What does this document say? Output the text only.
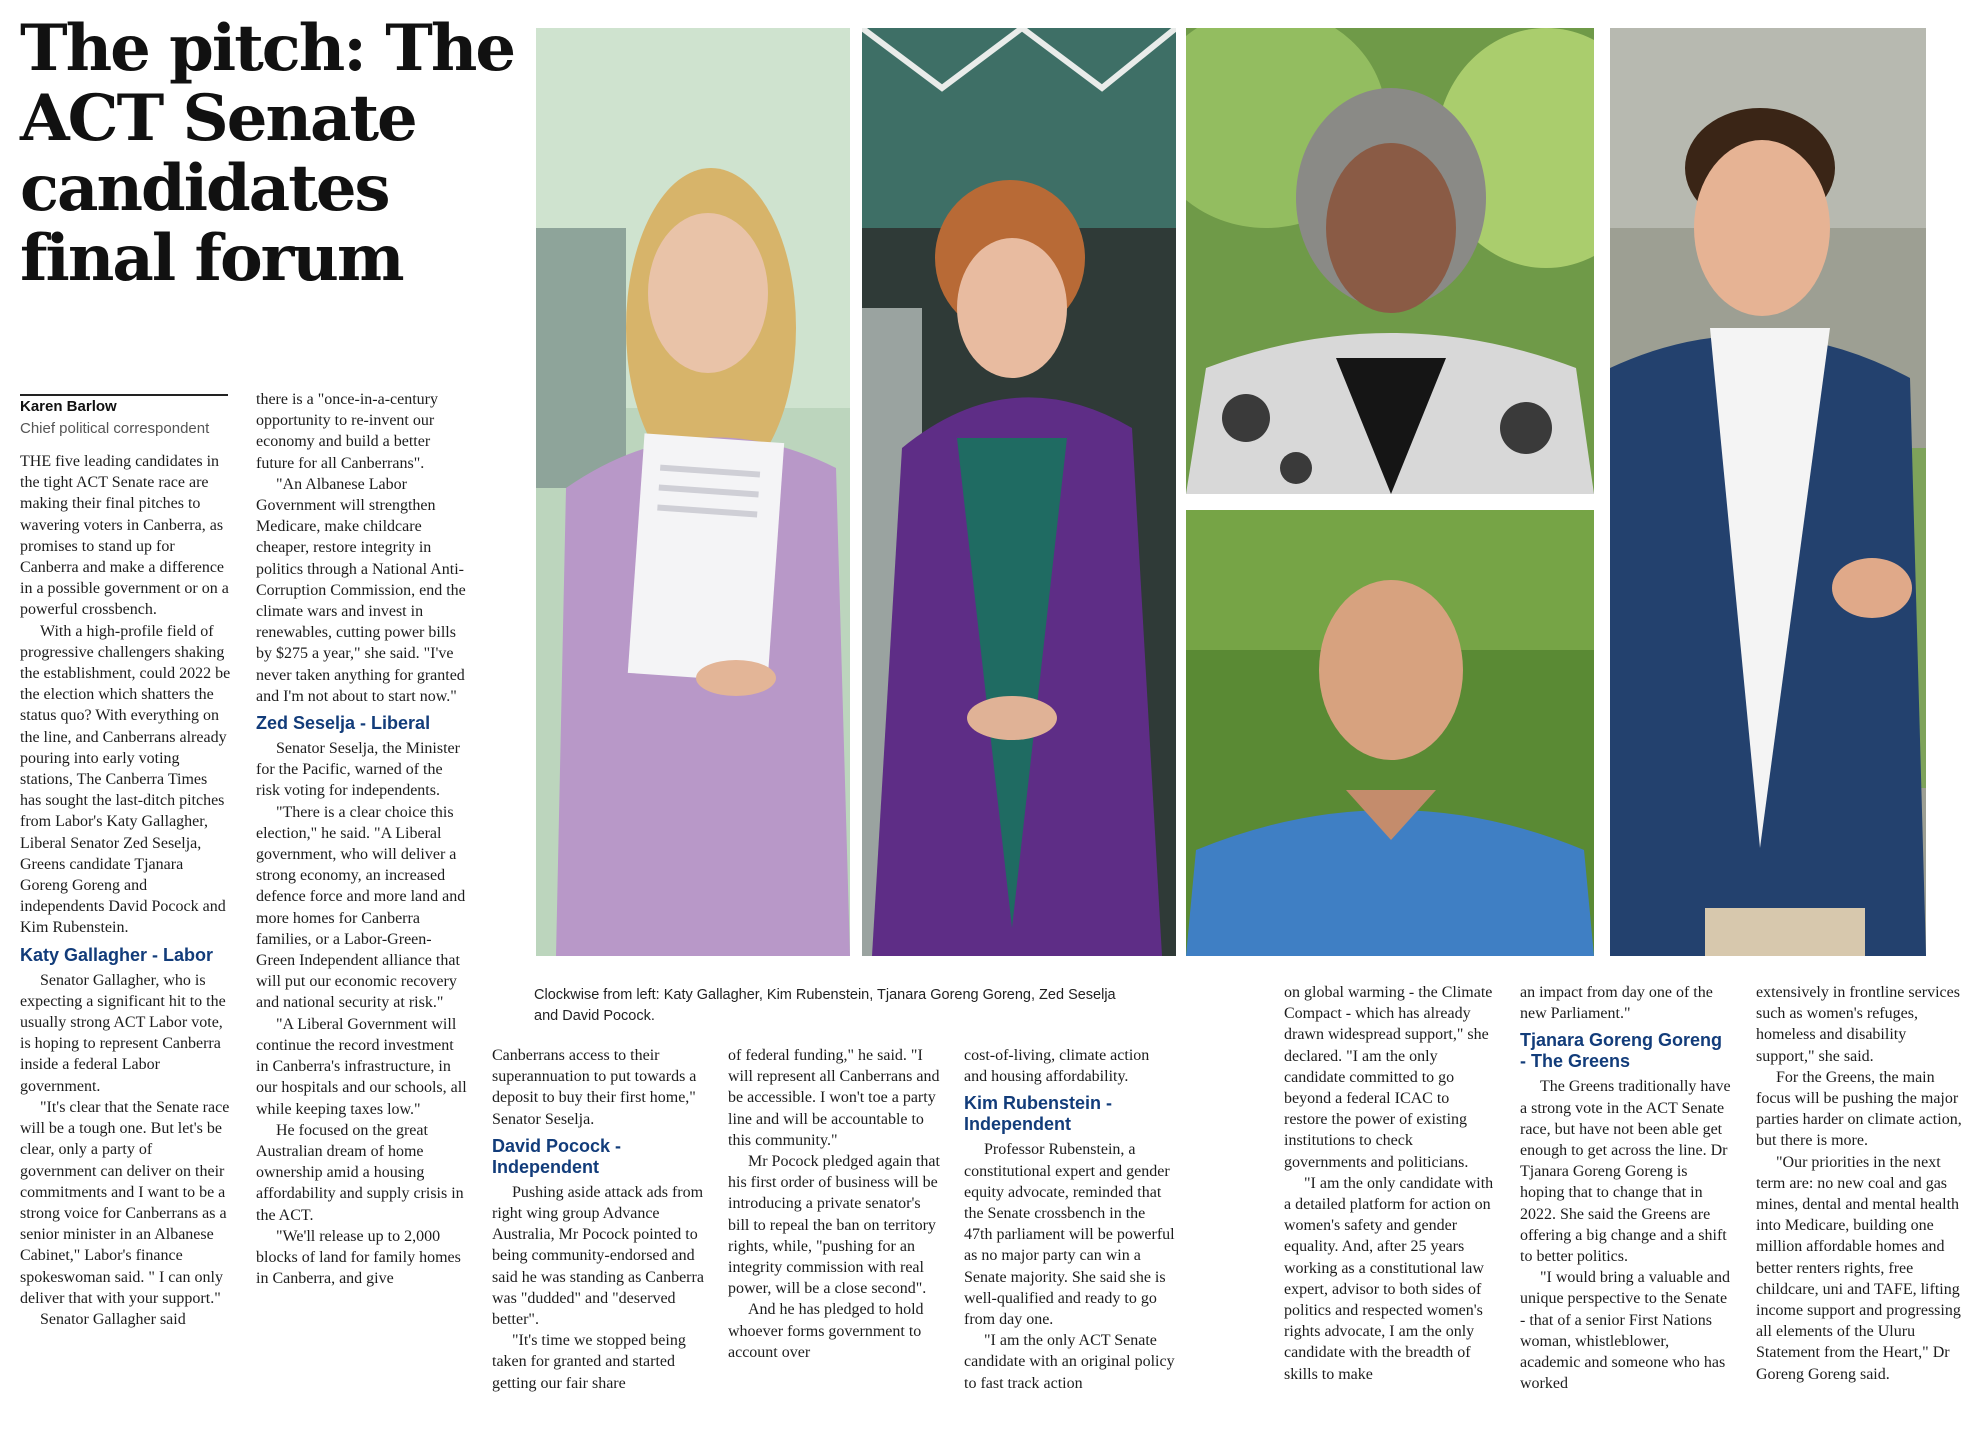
The pitch: The ACT Senate candidates final forum
Karen Barlow
Chief political correspondent
Clockwise from left: Katy Gallagher, Kim Rubenstein, Tjanara Goreng Goreng, Zed Seselja and David Pocock.

THE five leading candidates in the tight ACT Senate race are making their final pitches to wavering voters in Canberra, as promises to stand up for Canberra and make a difference in a possible government or on a powerful crossbench.

With a high-profile field of progressive challengers shaking the establishment, could 2022 be the election which shatters the status quo? With everything on the line, and Canberrans already pouring into early voting stations, The Canberra Times has sought the last-ditch pitches from Labor's Katy Gallagher, Liberal Senator Zed Seselja, Greens candidate Tjanara Goreng Goreng and independents David Pocock and Kim Rubenstein.

Katy Gallagher - Labor

Senator Gallagher, who is expecting a significant hit to the usually strong ACT Labor vote, is hoping to represent Canberra inside a federal Labor government.

"It's clear that the Senate race will be a tough one. But let's be clear, only a party of government can deliver on their commitments and I want to be a strong voice for Canberrans as a senior minister in an Albanese Cabinet," Labor's finance spokeswoman said. " I can only deliver that with your support."

Senator Gallagher said

there is a "once-in-a-century opportunity to re-invent our economy and build a better future for all Canberrans".

"An Albanese Labor Government will strengthen Medicare, make childcare cheaper, restore integrity in politics through a National Anti-Corruption Commission, end the climate wars and invest in renewables, cutting power bills by $275 a year," she said. "I've never taken anything for granted and I'm not about to start now."

Zed Seselja - Liberal

Senator Seselja, the Minister for the Pacific, warned of the risk voting for independents.

"There is a clear choice this election," he said. "A Liberal government, who will deliver a strong economy, an increased defence force and more land and more homes for Canberra families, or a Labor-Green-Green Independent alliance that will put our economic recovery and national security at risk."

"A Liberal Government will continue the record investment in Canberra's infrastructure, in our hospitals and our schools, all while keeping taxes low."

He focused on the great Australian dream of home ownership amid a housing affordability and supply crisis in the ACT.

"We'll release up to 2,000 blocks of land for family homes in Canberra, and give

Canberrans access to their superannuation to put towards a deposit to buy their first home," Senator Seselja.

David Pocock - Independent

Pushing aside attack ads from right wing group Advance Australia, Mr Pocock pointed to being community-endorsed and said he was standing as Canberra was "dudded" and "deserved better".

"It's time we stopped being taken for granted and started getting our fair share

of federal funding," he said. "I will represent all Canberrans and be accessible. I won't toe a party line and will be accountable to this community."

Mr Pocock pledged again that his first order of business will be introducing a private senator's bill to repeal the ban on territory rights, while, "pushing for an integrity commission with real power, will be a close second".

And he has pledged to hold whoever forms government to account over

cost-of-living, climate action and housing affordability.

Kim Rubenstein - Independent

Professor Rubenstein, a constitutional expert and gender equity advocate, reminded that the Senate crossbench in the 47th parliament will be powerful as no major party can win a Senate majority. She said she is well-qualified and ready to go from day one.

"I am the only ACT Senate candidate with an original policy to fast track action

on global warming - the Climate Compact - which has already drawn widespread support," she declared. "I am the only candidate committed to go beyond a federal ICAC to restore the power of existing institutions to check governments and politicians.

"I am the only candidate with a detailed platform for action on women's safety and gender equality. And, after 25 years working as a constitutional law expert, advisor to both sides of politics and respected women's rights advocate, I am the only candidate with the breadth of skills to make

an impact from day one of the new Parliament."

Tjanara Goreng Goreng - The Greens

The Greens traditionally have a strong vote in the ACT Senate race, but have not been able get enough to get across the line. Dr Tjanara Goreng Goreng is hoping that to change that in 2022. She said the Greens are offering a big change and a shift to better politics.

"I would bring a valuable and unique perspective to the Senate - that of a senior First Nations woman, whistleblower, academic and someone who has worked

extensively in frontline services such as women's refuges, homeless and disability support," she said.

For the Greens, the main focus will be pushing the major parties harder on climate action, but there is more.

"Our priorities in the next term are: no new coal and gas mines, dental and mental health into Medicare, building one million affordable homes and better renters rights, free childcare, uni and TAFE, lifting income support and progressing all elements of the Uluru Statement from the Heart," Dr Goreng Goreng said.
